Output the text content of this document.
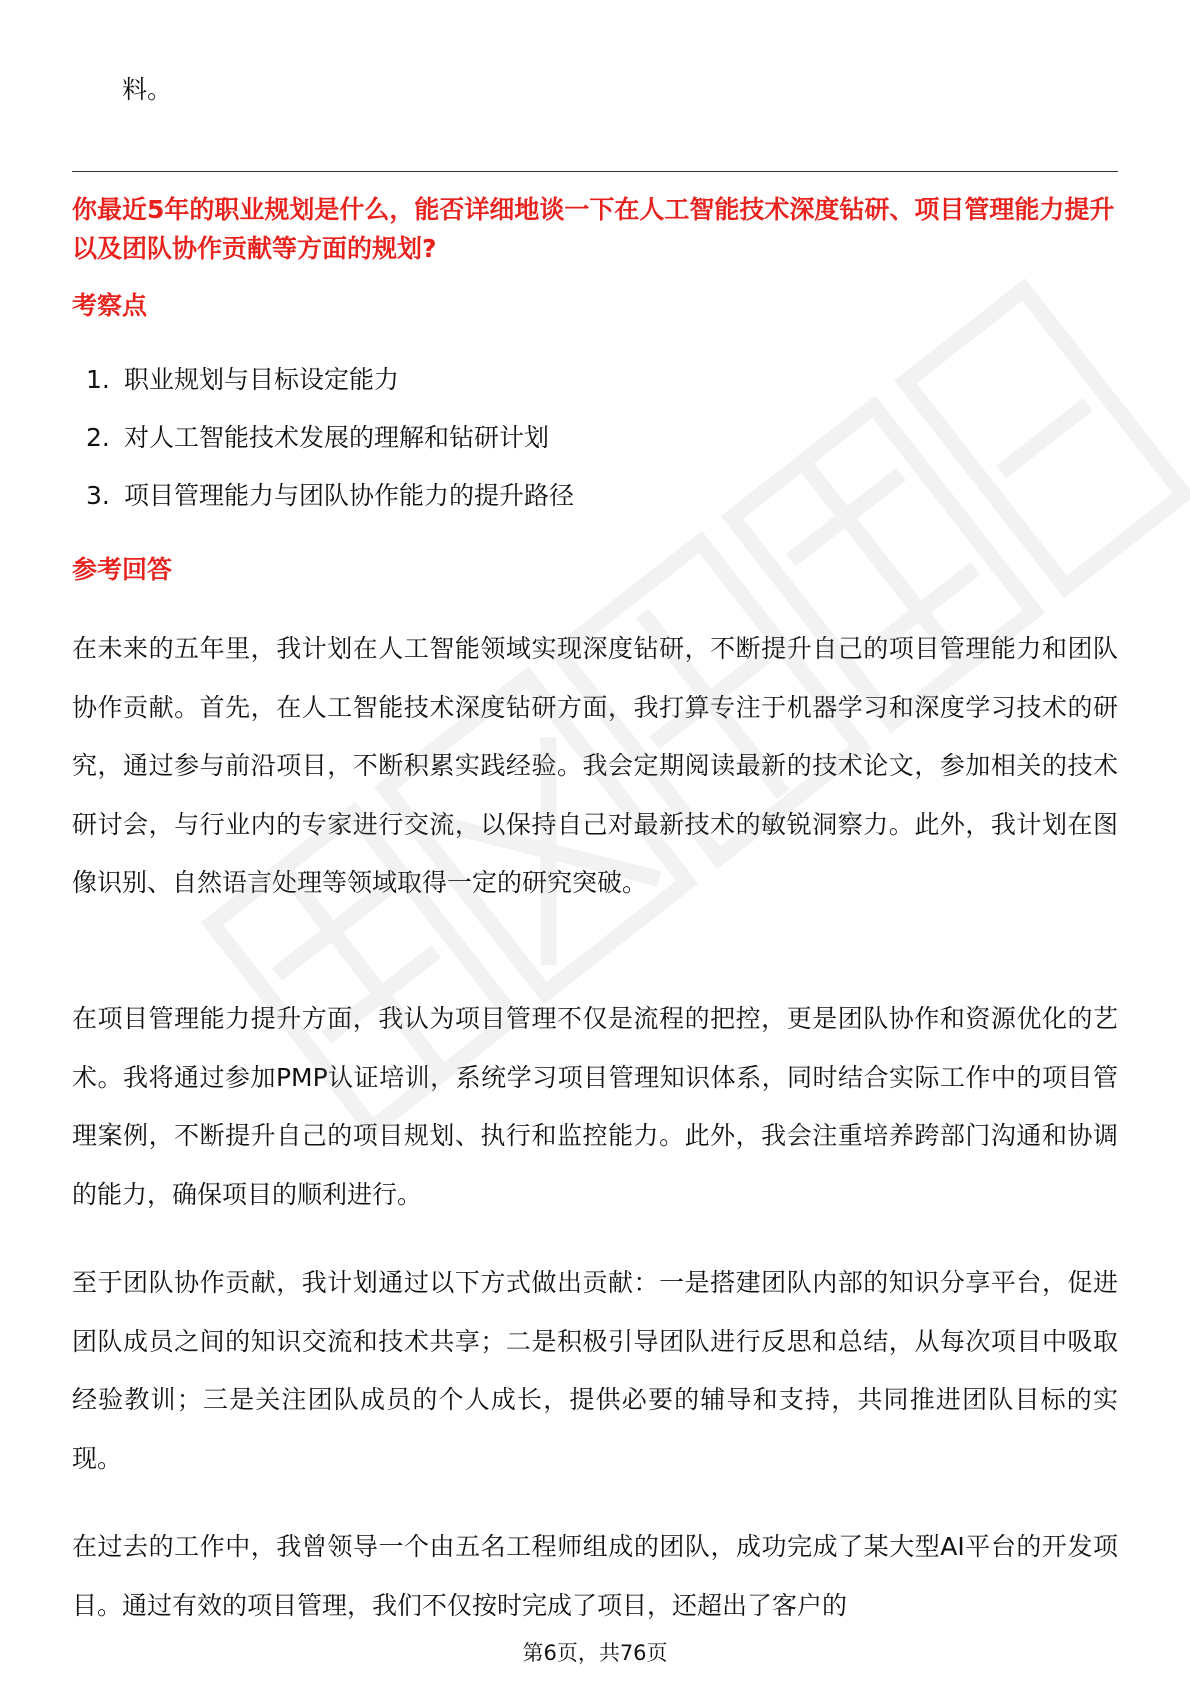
料。
你最近5年的职业规划是什么，能否详细地谈一下在人工智能技术深度钻研、项目管理能力提升以及团队协作贡献等方面的规划?
考察点
1. 职业规划与目标设定能力
2. 对人工智能技术发展的理解和钻研计划
3. 项目管理能力与团队协作能力的提升路径
参考回答
在未来的五年里，我计划在人工智能领域实现深度钻研，不断提升自己的项目管理能力和团队协作贡献。首先，在人工智能技术深度钻研方面，我打算专注于机器学习和深度学习技术的研究，通过参与前沿项目，不断积累实践经验。我会定期阅读最新的技术论文，参加相关的技术研讨会，与行业内的专家进行交流，以保持自己对最新技术的敏锐洞察力。此外，我计划在图像识别、自然语言处理等领域取得一定的研究突破。
在项目管理能力提升方面，我认为项目管理不仅是流程的把控，更是团队协作和资源优化的艺术。我将通过参加PMP认证培训，系统学习项目管理知识体系，同时结合实际工作中的项目管理案例，不断提升自己的项目规划、执行和监控能力。此外，我会注重培养跨部门沟通和协调的能力，确保项目的顺利进行。
至于团队协作贡献，我计划通过以下方式做出贡献：一是搭建团队内部的知识分享平台，促进团队成员之间的知识交流和技术共享；二是积极引导团队进行反思和总结，从每次项目中吸取经验教训；三是关注团队成员的个人成长，提供必要的辅导和支持，共同推进团队目标的实现。
在过去的工作中，我曾领导一个由五名工程师组成的团队，成功完成了某大型AI平台的开发项目。通过有效的项目管理，我们不仅按时完成了项目，还超出了客户的
第6页，共76页
